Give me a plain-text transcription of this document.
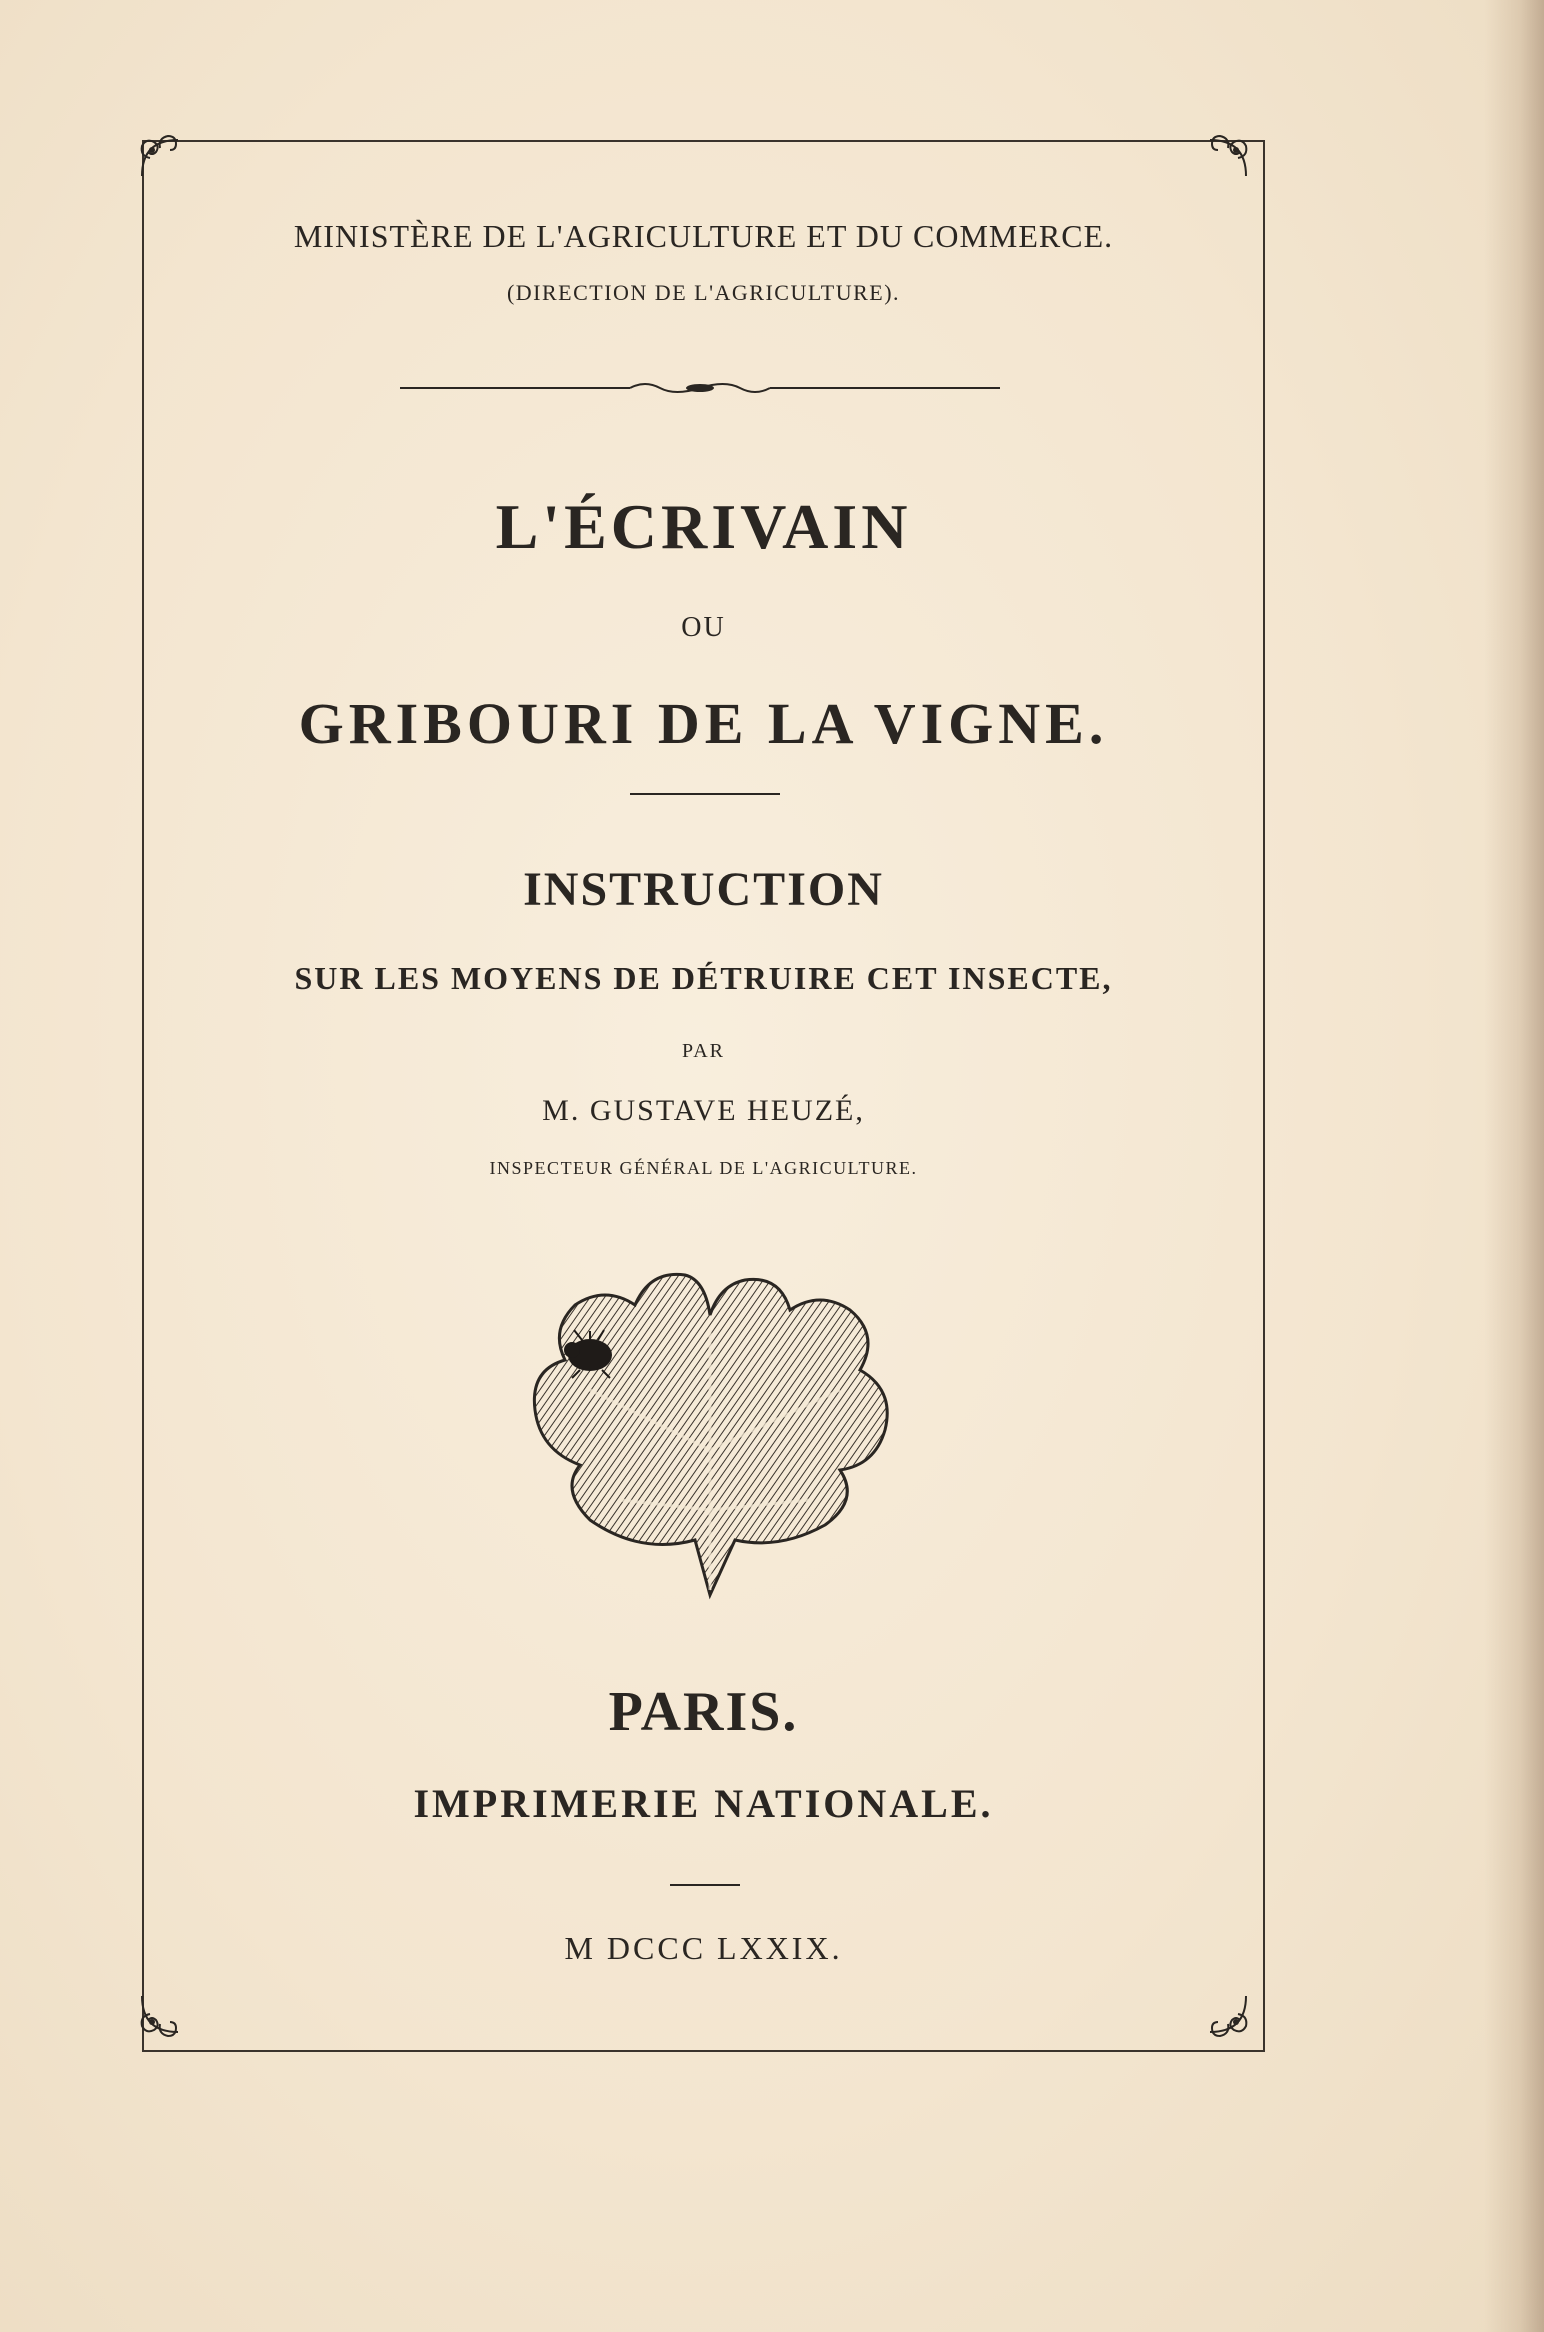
MINISTÈRE DE L'AGRICULTURE ET DU COMMERCE.
(DIRECTION DE L'AGRICULTURE).
L'ÉCRIVAIN
OU
GRIBOURI DE LA VIGNE.
INSTRUCTION
SUR LES MOYENS DE DÉTRUIRE CET INSECTE,
PAR
M. GUSTAVE HEUZÉ,
INSPECTEUR GÉNÉRAL DE L'AGRICULTURE.
PARIS.
IMPRIMERIE NATIONALE.
M DCCC LXXIX.
